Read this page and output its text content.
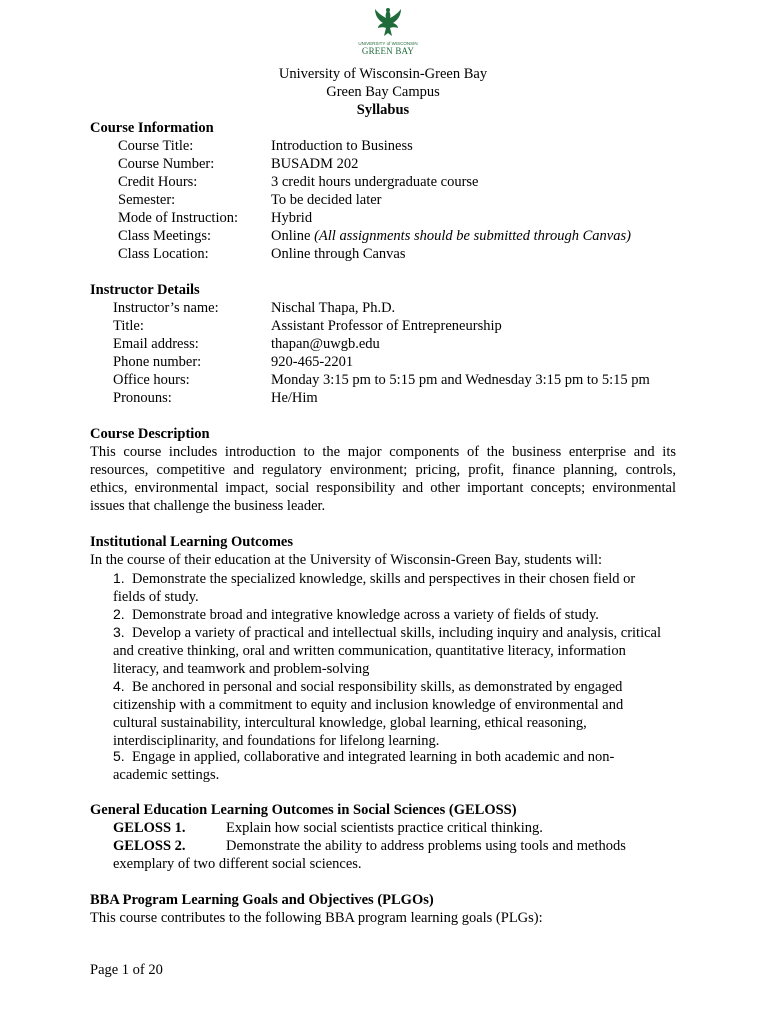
UNIVERSITY of WISCONSIN
GREEN BAY
University of Wisconsin-Green Bay
Green Bay Campus
Syllabus
Course Information
Course Title:	Introduction to Business
Course Number:	BUSADM 202
Credit Hours:	3 credit hours undergraduate course
Semester:	To be decided later
Mode of Instruction: Hybrid
Class Meetings:	Online (All assignments should be submitted through Canvas)
Class Location:	Online through Canvas
Instructor Details
Instructor’s name:	Nischal Thapa, Ph.D.
Title:	Assistant Professor of Entrepreneurship
Email address:	thapan@uwgb.edu
Phone number:	920-465-2201
Office hours:	Monday 3:15 pm to 5:15 pm and Wednesday 3:15 pm to 5:15 pm
Pronouns:	He/Him
Course Description
This course includes introduction to the major components of the business enterprise and its resources, competitive and regulatory environment; pricing, profit, finance planning, controls, ethics, environmental impact, social responsibility and other important concepts; environmental issues that challenge the business leader.
Institutional Learning Outcomes
In the course of their education at the University of Wisconsin-Green Bay, students will:
1. Demonstrate the specialized knowledge, skills and perspectives in their chosen field or fields of study.
2. Demonstrate broad and integrative knowledge across a variety of fields of study.
3. Develop a variety of practical and intellectual skills, including inquiry and analysis, critical and creative thinking, oral and written communication, quantitative literacy, information literacy, and teamwork and problem-solving
4. Be anchored in personal and social responsibility skills, as demonstrated by engaged citizenship with a commitment to equity and inclusion knowledge of environmental and cultural sustainability, intercultural knowledge, global learning, ethical reasoning, interdisciplinarity, and foundations for lifelong learning.
5. Engage in applied, collaborative and integrated learning in both academic and non-academic settings.
General Education Learning Outcomes in Social Sciences (GELOSS)
GELOSS 1.	Explain how social scientists practice critical thinking.
GELOSS 2.	Demonstrate the ability to address problems using tools and methods
exemplary of two different social sciences.
BBA Program Learning Goals and Objectives (PLGOs)
This course contributes to the following BBA program learning goals (PLGs):
Page 1 of 20
